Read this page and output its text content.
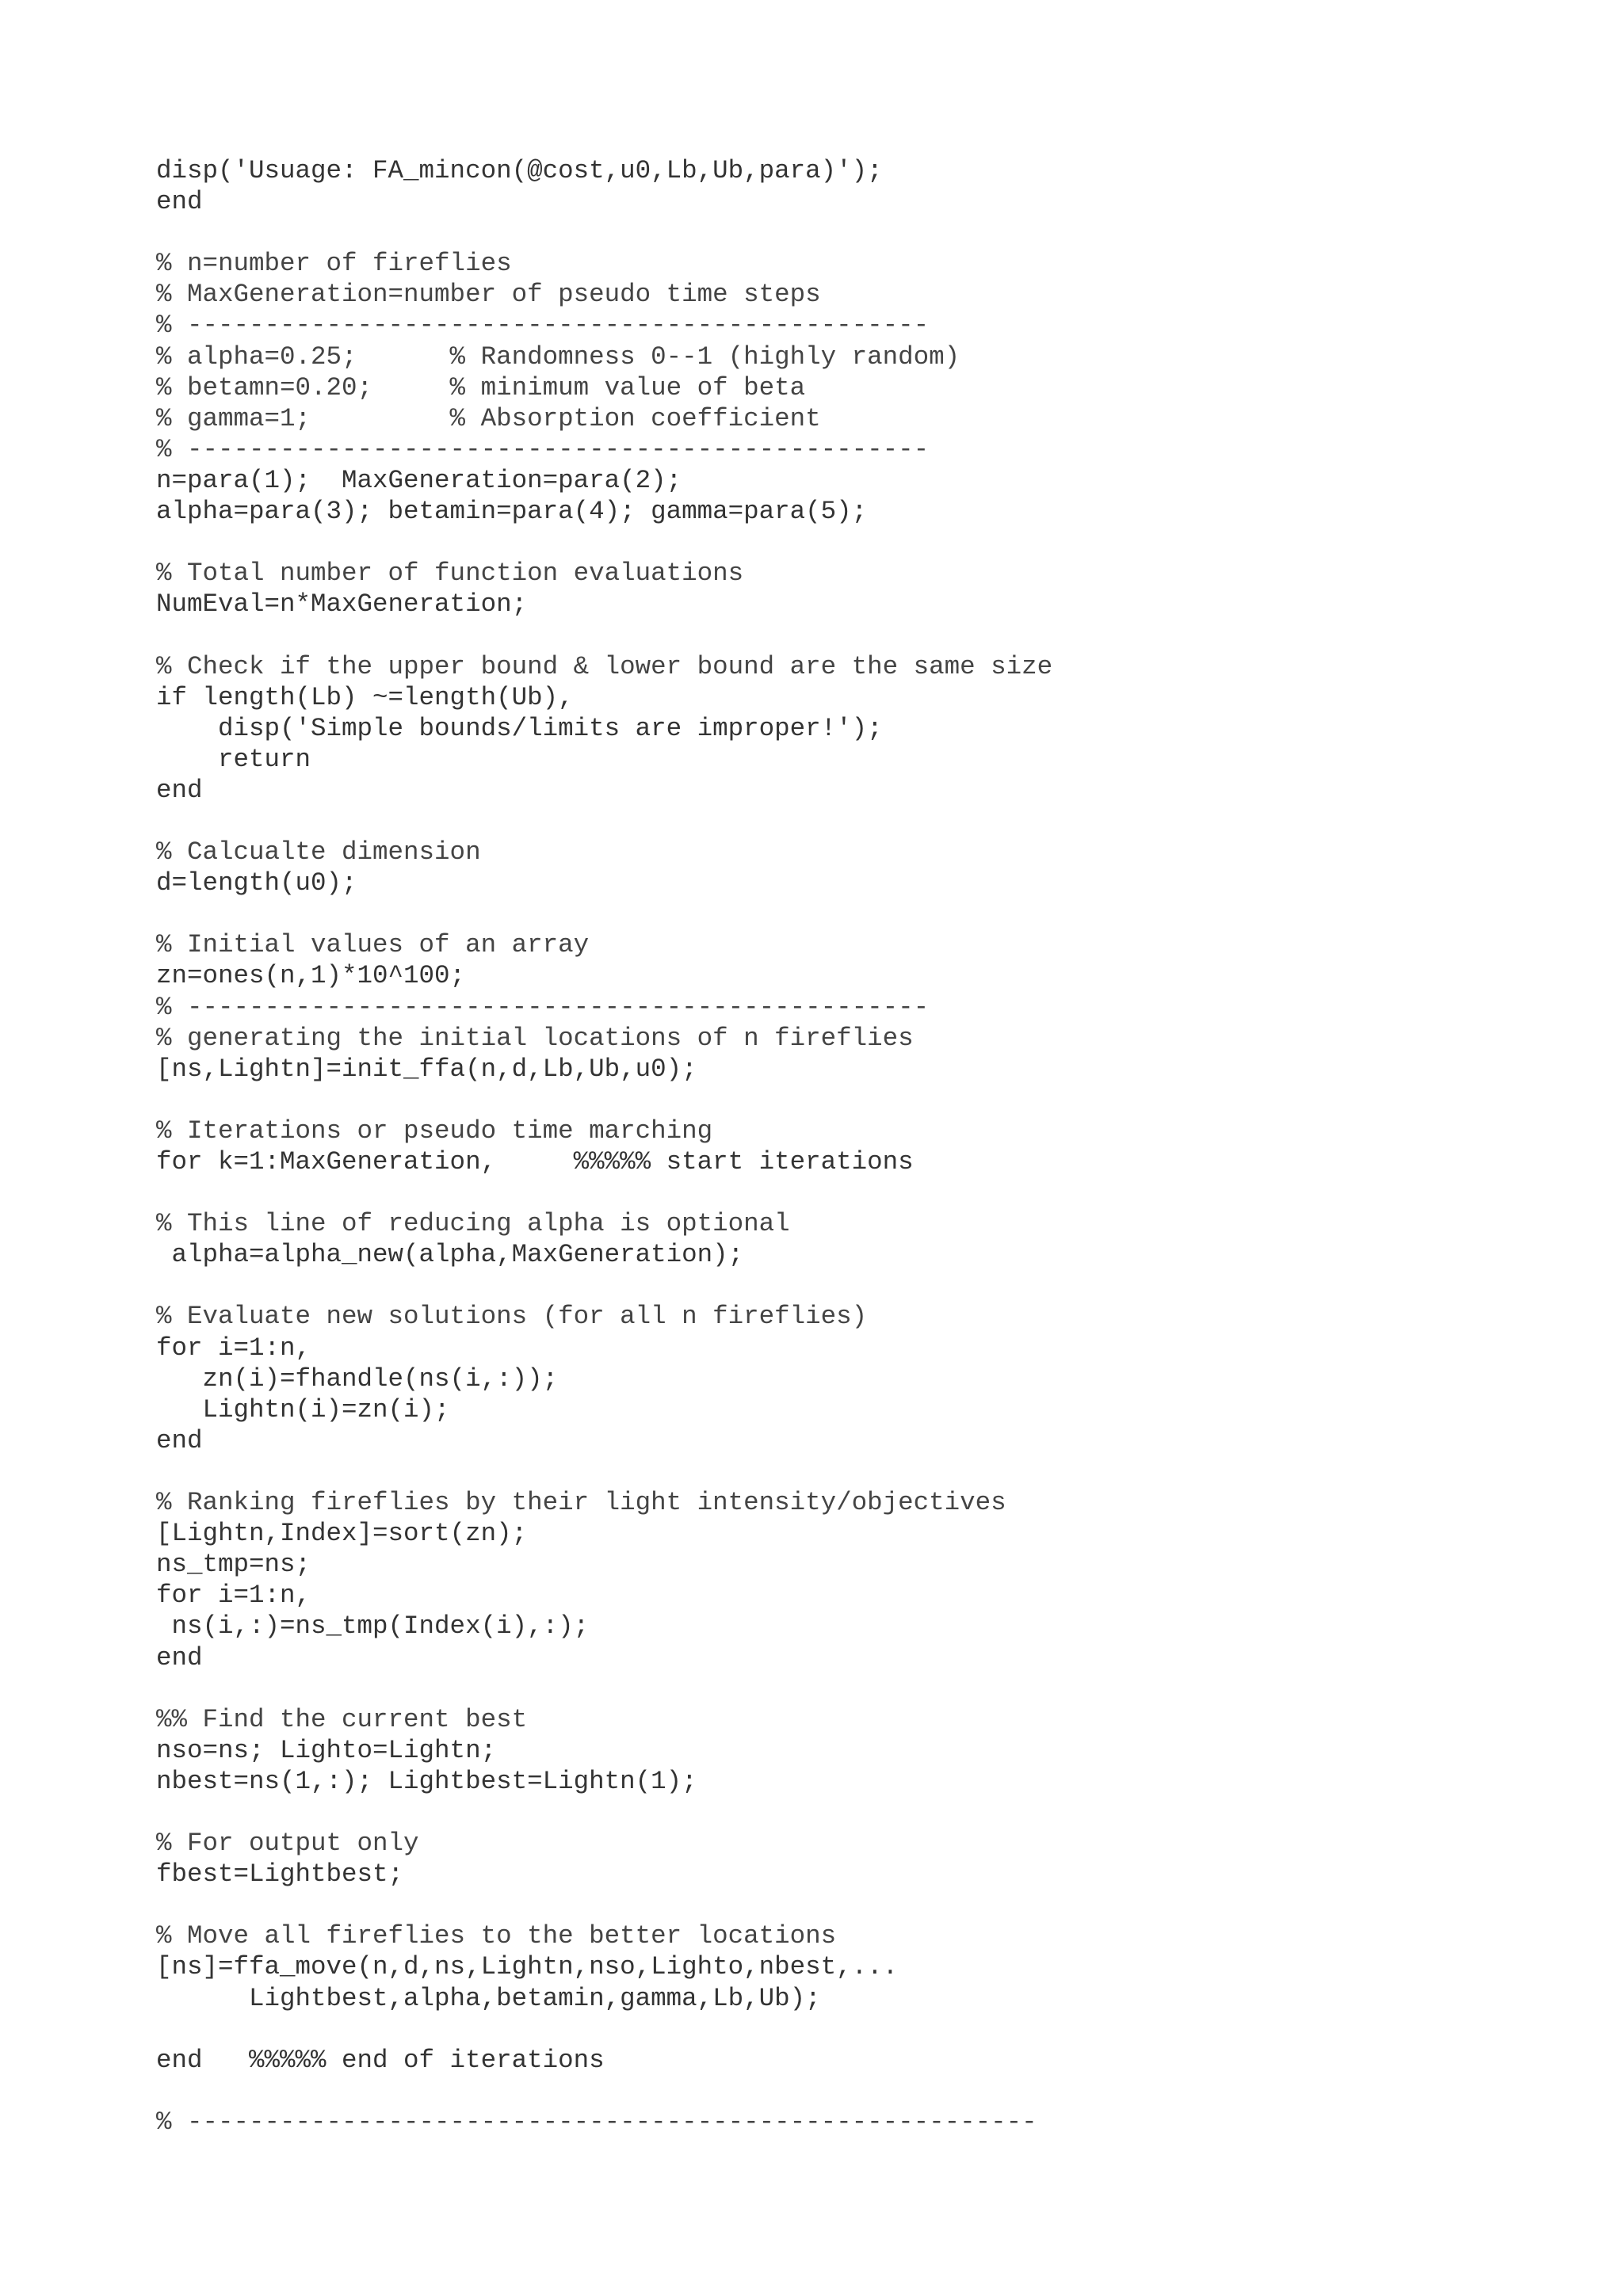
disp('Usuage: FA_mincon(@cost,u0,Lb,Ub,para)');
end
% n=number of fireflies
% MaxGeneration=number of pseudo time steps
% ------------------------------------------------
% alpha=0.25;      % Randomness 0--1 (highly random)
% betamn=0.20;     % minimum value of beta
% gamma=1;         % Absorption coefficient
% ------------------------------------------------
n=para(1);  MaxGeneration=para(2);
alpha=para(3); betamin=para(4); gamma=para(5);
% Total number of function evaluations
NumEval=n*MaxGeneration;
% Check if the upper bound & lower bound are the same size
if length(Lb) ~=length(Ub),
disp('Simple bounds/limits are improper!');
return
end
% Calcualte dimension
d=length(u0);
% Initial values of an array
zn=ones(n,1)*10^100;
% ------------------------------------------------
% generating the initial locations of n fireflies
[ns,Lightn]=init_ffa(n,d,Lb,Ub,u0);
% Iterations or pseudo time marching
for k=1:MaxGeneration,     %%%%% start iterations
% This line of reducing alpha is optional
alpha=alpha_new(alpha,MaxGeneration);
% Evaluate new solutions (for all n fireflies)
for i=1:n,
zn(i)=fhandle(ns(i,:));
Lightn(i)=zn(i);
end
% Ranking fireflies by their light intensity/objectives
[Lightn,Index]=sort(zn);
ns_tmp=ns;
for i=1:n,
ns(i,:)=ns_tmp(Index(i),:);
end
%% Find the current best
nso=ns; Lighto=Lightn;
nbest=ns(1,:); Lightbest=Lightn(1);
% For output only
fbest=Lightbest;
% Move all fireflies to the better locations
[ns]=ffa_move(n,d,ns,Lightn,nso,Lighto,nbest,...
Lightbest,alpha,betamin,gamma,Lb,Ub);
end   %%%%% end of iterations
% -------------------------------------------------------
